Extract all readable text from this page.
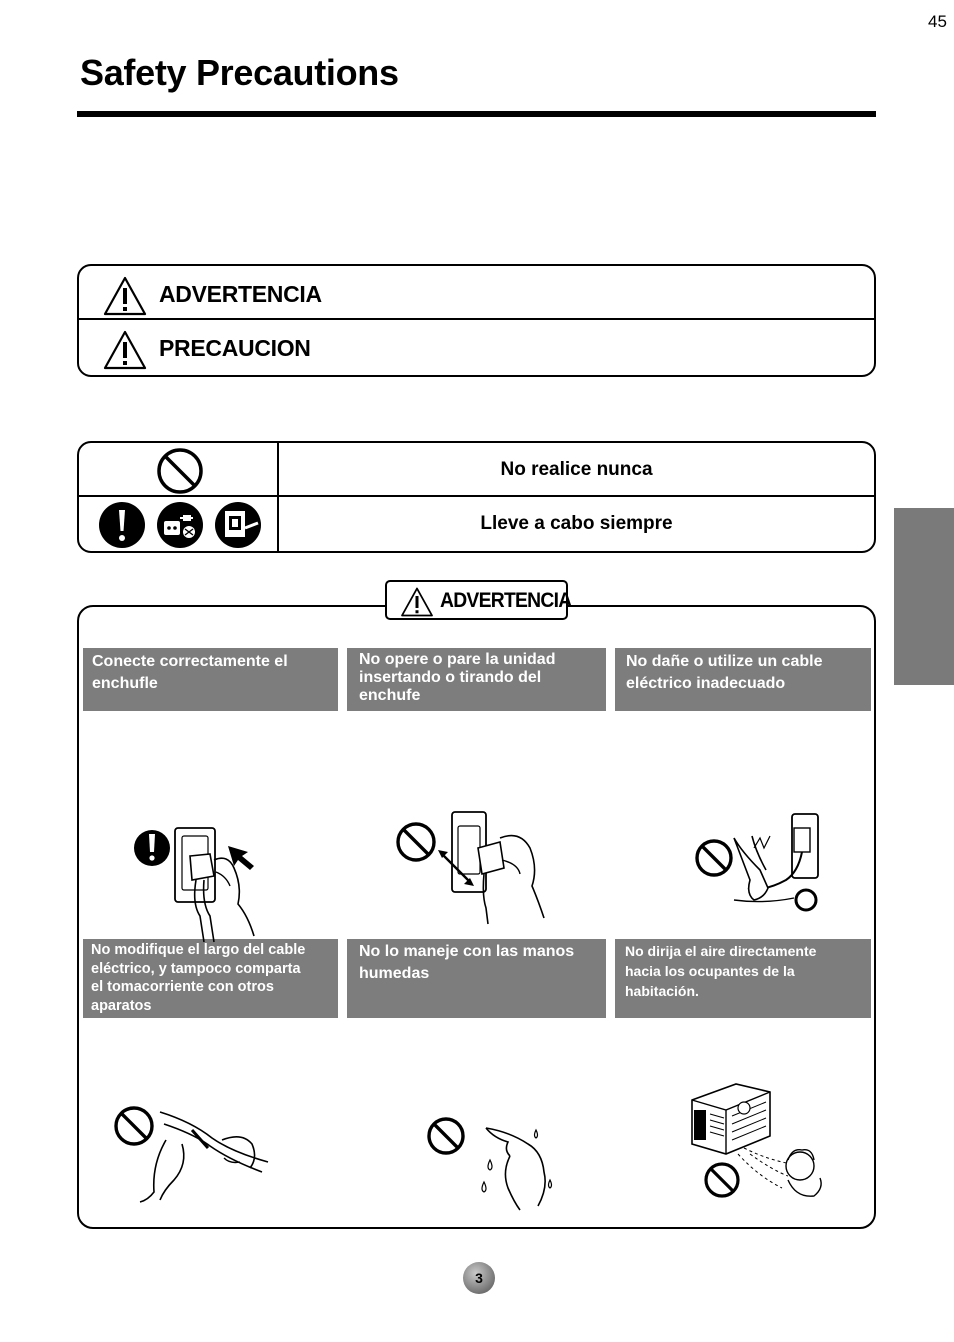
45
Safety Precautions
ADVERTENCIA
PRECAUCION
No realice nunca
Lleve a cabo siempre
ADVERTENCIA
Conecte correctamente el
enchufle
No opere o pare la unidad
insertando o tirando del
enchufe
No dañe o utilize un cable
eléctrico inadecuado
No modifique el largo del cable
eléctrico, y tampoco comparta
el tomacorriente con otros
aparatos
No lo maneje con las manos
humedas
No dirija el aire directamente
hacia los ocupantes de la
habitación.
3
